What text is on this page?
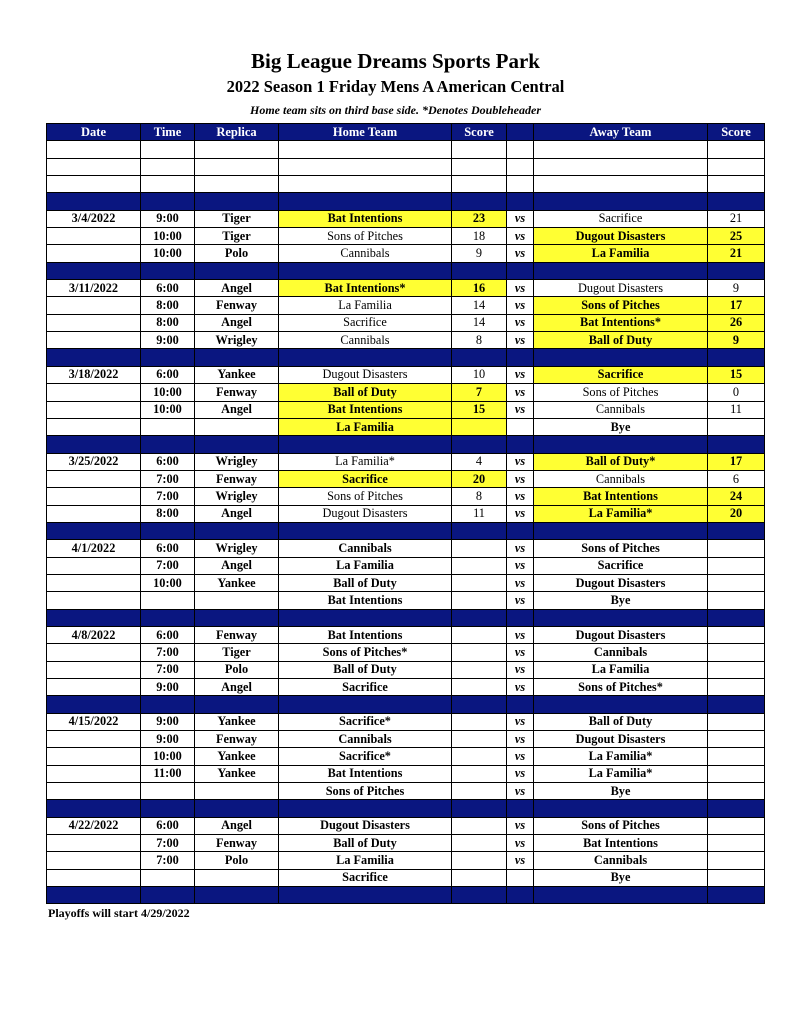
Big League Dreams Sports Park
2022 Season 1 Friday Mens A American Central
Home team sits on third base side. *Denotes Doubleheader
Date	Time	Replica	Home Team	Score		Away Team	Score

3/4/2022	9:00	Tiger	Bat Intentions	23	vs	Sacrifice	21
	10:00	Tiger	Sons of Pitches	18	vs	Dugout Disasters	25
	10:00	Polo	Cannibals	9	vs	La Familia	21

3/11/2022	6:00	Angel	Bat Intentions*	16	vs	Dugout Disasters	9
	8:00	Fenway	La Familia	14	vs	Sons of Pitches	17
	8:00	Angel	Sacrifice	14	vs	Bat Intentions*	26
	9:00	Wrigley	Cannibals	8	vs	Ball of Duty	9

3/18/2022	6:00	Yankee	Dugout Disasters	10	vs	Sacrifice	15
	10:00	Fenway	Ball of Duty	7	vs	Sons of Pitches	0
	10:00	Angel	Bat Intentions	15	vs	Cannibals	11
			La Familia			Bye	

3/25/2022	6:00	Wrigley	La Familia*	4	vs	Ball of Duty*	17
	7:00	Fenway	Sacrifice	20	vs	Cannibals	6
	7:00	Wrigley	Sons of Pitches	8	vs	Bat Intentions	24
	8:00	Angel	Dugout Disasters	11	vs	La Familia*	20

4/1/2022	6:00	Wrigley	Cannibals		vs	Sons of Pitches	
	7:00	Angel	La Familia		vs	Sacrifice	
	10:00	Yankee	Ball of Duty		vs	Dugout Disasters	
			Bat Intentions		vs	Bye	

4/8/2022	6:00	Fenway	Bat Intentions		vs	Dugout Disasters	
	7:00	Tiger	Sons of Pitches*		vs	Cannibals	
	7:00	Polo	Ball of Duty		vs	La Familia	
	9:00	Angel	Sacrifice		vs	Sons of Pitches*	

4/15/2022	9:00	Yankee	Sacrifice*		vs	Ball of Duty	
	9:00	Fenway	Cannibals		vs	Dugout Disasters	
	10:00	Yankee	Sacrifice*		vs	La Familia*	
	11:00	Yankee	Bat Intentions		vs	La Familia*	
			Sons of Pitches		vs	Bye	

4/22/2022	6:00	Angel	Dugout Disasters		vs	Sons of Pitches	
	7:00	Fenway	Ball of Duty		vs	Bat Intentions	
	7:00	Polo	La Familia		vs	Cannibals	
			Sacrifice			Bye	

Playoffs will start 4/29/2022
